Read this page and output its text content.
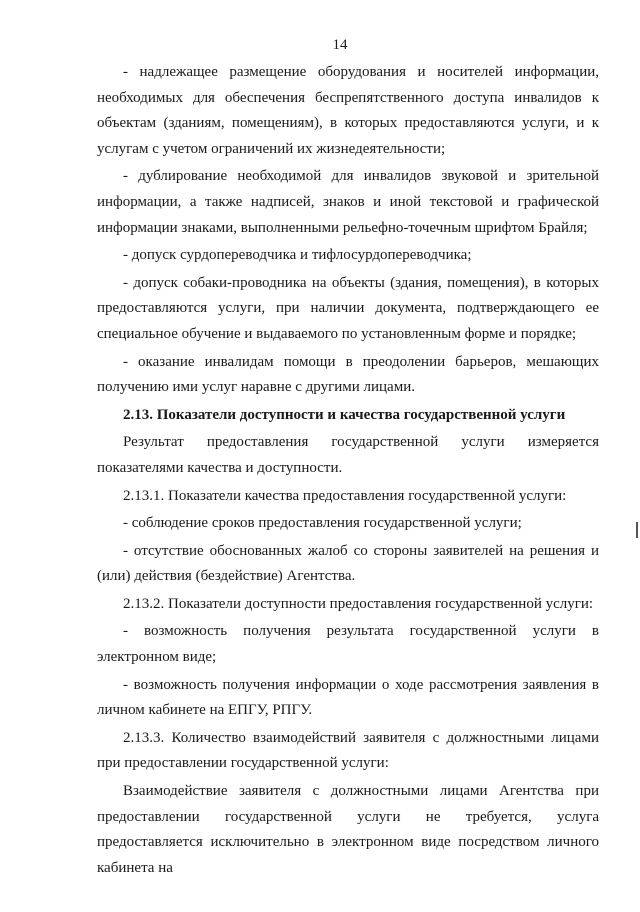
14

- надлежащее размещение оборудования и носителей информации, необходимых для обеспечения беспрепятственного доступа инвалидов к объектам (зданиям, помещениям), в которых предоставляются услуги, и к услугам с учетом ограничений их жизнедеятельности;

- дублирование необходимой для инвалидов звуковой и зрительной информации, а также надписей, знаков и иной текстовой и графической информации знаками, выполненными рельефно-точечным шрифтом Брайля;

- допуск сурдопереводчика и тифлосурдопереводчика;

- допуск собаки-проводника на объекты (здания, помещения), в которых предоставляются услуги, при наличии документа, подтверждающего ее специальное обучение и выдаваемого по установленным форме и порядке;

- оказание инвалидам помощи в преодолении барьеров, мешающих получению ими услуг наравне с другими лицами.

2.13. Показатели доступности и качества государственной услуги

Результат предоставления государственной услуги измеряется показателями качества и доступности.

2.13.1. Показатели качества предоставления государственной услуги:

- соблюдение сроков предоставления государственной услуги;

- отсутствие обоснованных жалоб со стороны заявителей на решения и (или) действия (бездействие) Агентства.

2.13.2. Показатели доступности предоставления государственной услуги:

- возможность получения результата государственной услуги в электронном виде;

- возможность получения информации о ходе рассмотрения заявления в личном кабинете на ЕПГУ, РПГУ.

2.13.3. Количество взаимодействий заявителя с должностными лицами при предоставлении государственной услуги:

Взаимодействие заявителя с должностными лицами Агентства при предоставлении государственной услуги не требуется, услуга предоставляется исключительно в электронном виде посредством личного кабинета на
